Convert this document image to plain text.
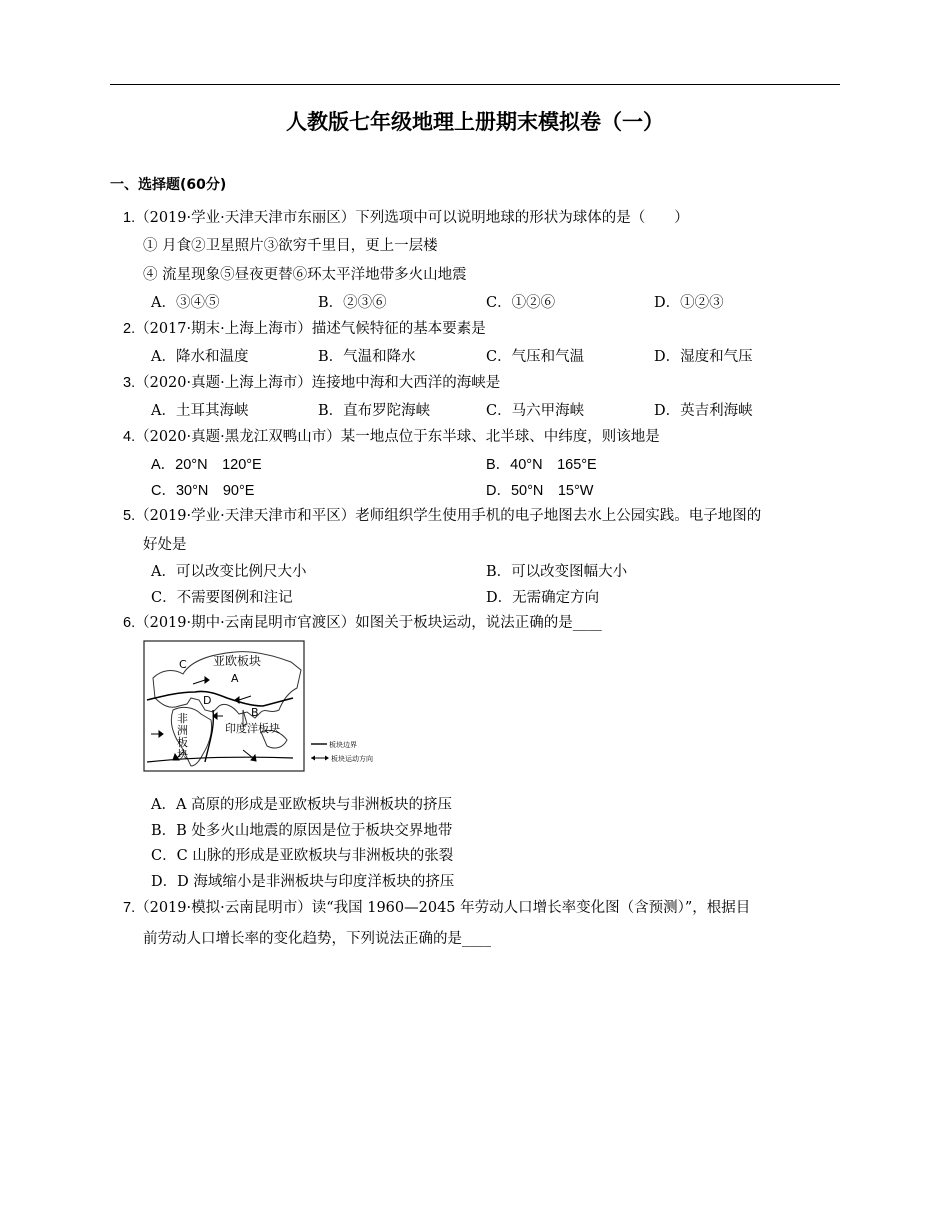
人教版七年级地理上册期末模拟卷（一）
一、选择题(60分)
1.（2019·学业·天津天津市东丽区）下列选项中可以说明地球的形状为球体的是（　　）
① 月食②卫星照片③欲穷千里目，更上一层楼
④ 流星现象⑤昼夜更替⑥环太平洋地带多火山地震
A．③④⑤	B．②③⑥	C．①②⑥	D．①②③
2.（2017·期末·上海上海市）描述气候特征的基本要素是
A．降水和温度	B．气温和降水	C．气压和气温	D．湿度和气压
3.（2020·真题·上海上海市）连接地中海和大西洋的海峡是
A．土耳其海峡	B．直布罗陀海峡	C．马六甲海峡	D．英吉利海峡
4.（2020·真题·黑龙江双鸭山市）某一地点位于东半球、北半球、中纬度，则该地是
A．20°N　120°E	B．40°N　165°E
C．30°N　90°E	D．50°N　15°W
5.（2019·学业·天津天津市和平区）老师组织学生使用手机的电子地图去水上公园实践。电子地图的
好处是
A．可以改变比例尺大小	B．可以改变图幅大小
C．不需要图例和注记	D．无需确定方向
6.（2019·期中·云南昆明市官渡区）如图关于板块运动，说法正确的是____
亚欧板块
非
洲
板
块
印度洋板块
C
A
B
D
板块边界
板块运动方向
A．A 高原的形成是亚欧板块与非洲板块的挤压
B．B 处多火山地震的原因是位于板块交界地带
C．C 山脉的形成是亚欧板块与非洲板块的张裂
D．D 海域缩小是非洲板块与印度洋板块的挤压
7.（2019·模拟·云南昆明市）读“我国 1960—2045 年劳动人口增长率变化图（含预测）”，根据目
前劳动人口增长率的变化趋势，下列说法正确的是____
